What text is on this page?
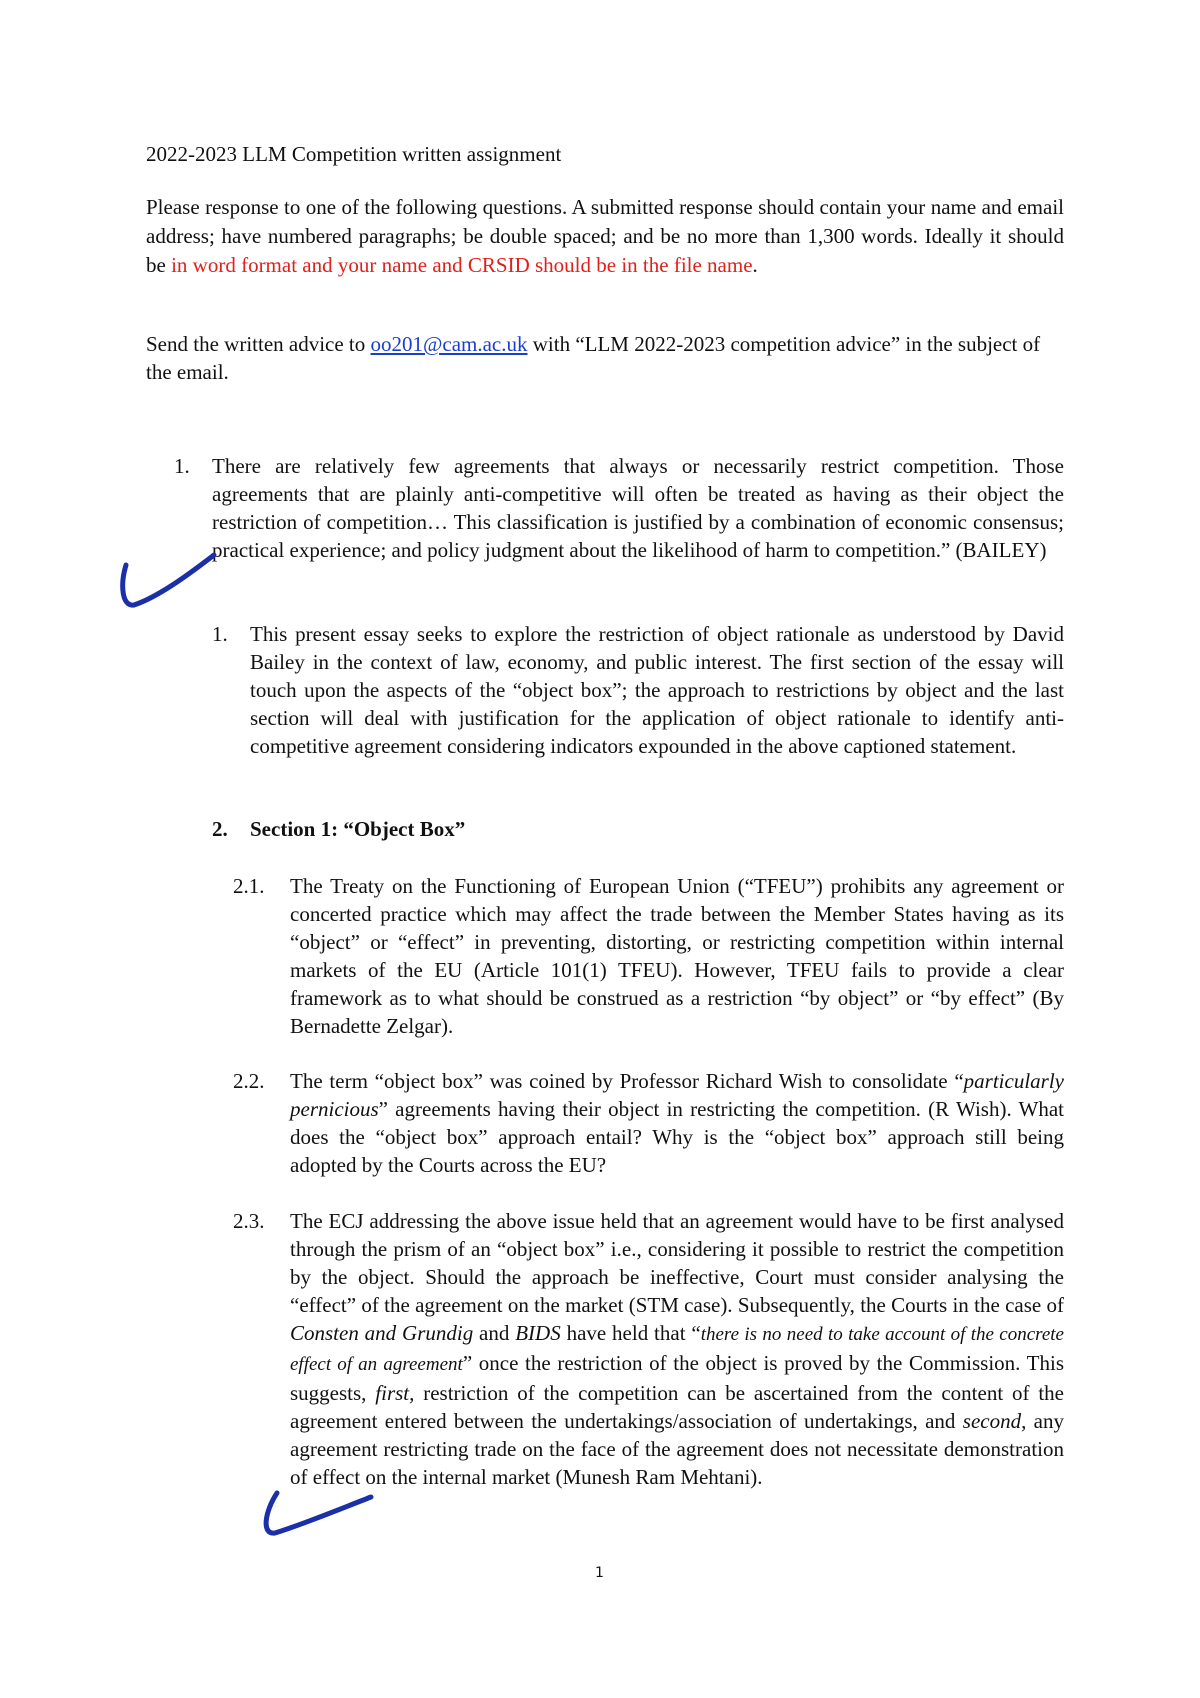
2022-2023 LLM Competition written assignment
Please response to one of the following questions. A submitted response should contain your name and email address; have numbered paragraphs; be double spaced; and be no more than 1,300 words. Ideally it should be in word format and your name and CRSID should be in the file name.
Send the written advice to oo201@cam.ac.uk with “LLM 2022-2023 competition advice” in the subject of the email.
1. There are relatively few agreements that always or necessarily restrict competition. Those agreements that are plainly anti-competitive will often be treated as having as their object the restriction of competition… This classification is justified by a combination of economic consensus; practical experience; and policy judgment about the likelihood of harm to competition.” (BAILEY)
1. This present essay seeks to explore the restriction of object rationale as understood by David Bailey in the context of law, economy, and public interest. The first section of the essay will touch upon the aspects of the “object box”; the approach to restrictions by object and the last section will deal with justification for the application of object rationale to identify anti-competitive agreement considering indicators expounded in the above captioned statement.
2. Section 1: “Object Box”
2.1. The Treaty on the Functioning of European Union (“TFEU”) prohibits any agreement or concerted practice which may affect the trade between the Member States having as its “object” or “effect” in preventing, distorting, or restricting competition within internal markets of the EU (Article 101(1) TFEU). However, TFEU fails to provide a clear framework as to what should be construed as a restriction “by object” or “by effect” (By Bernadette Zelgar).
2.2. The term “object box” was coined by Professor Richard Wish to consolidate “particularly pernicious” agreements having their object in restricting the competition. (R Wish). What does the “object box” approach entail? Why is the “object box” approach still being adopted by the Courts across the EU?
2.3. The ECJ addressing the above issue held that an agreement would have to be first analysed through the prism of an “object box” i.e., considering it possible to restrict the competition by the object. Should the approach be ineffective, Court must consider analysing the “effect” of the agreement on the market (STM case). Subsequently, the Courts in the case of Consten and Grundig and BIDS have held that “there is no need to take account of the concrete effect of an agreement” once the restriction of the object is proved by the Commission. This suggests, first, restriction of the competition can be ascertained from the content of the agreement entered between the undertakings/association of undertakings, and second, any agreement restricting trade on the face of the agreement does not necessitate demonstration of effect on the internal market (Munesh Ram Mehtani).
1
